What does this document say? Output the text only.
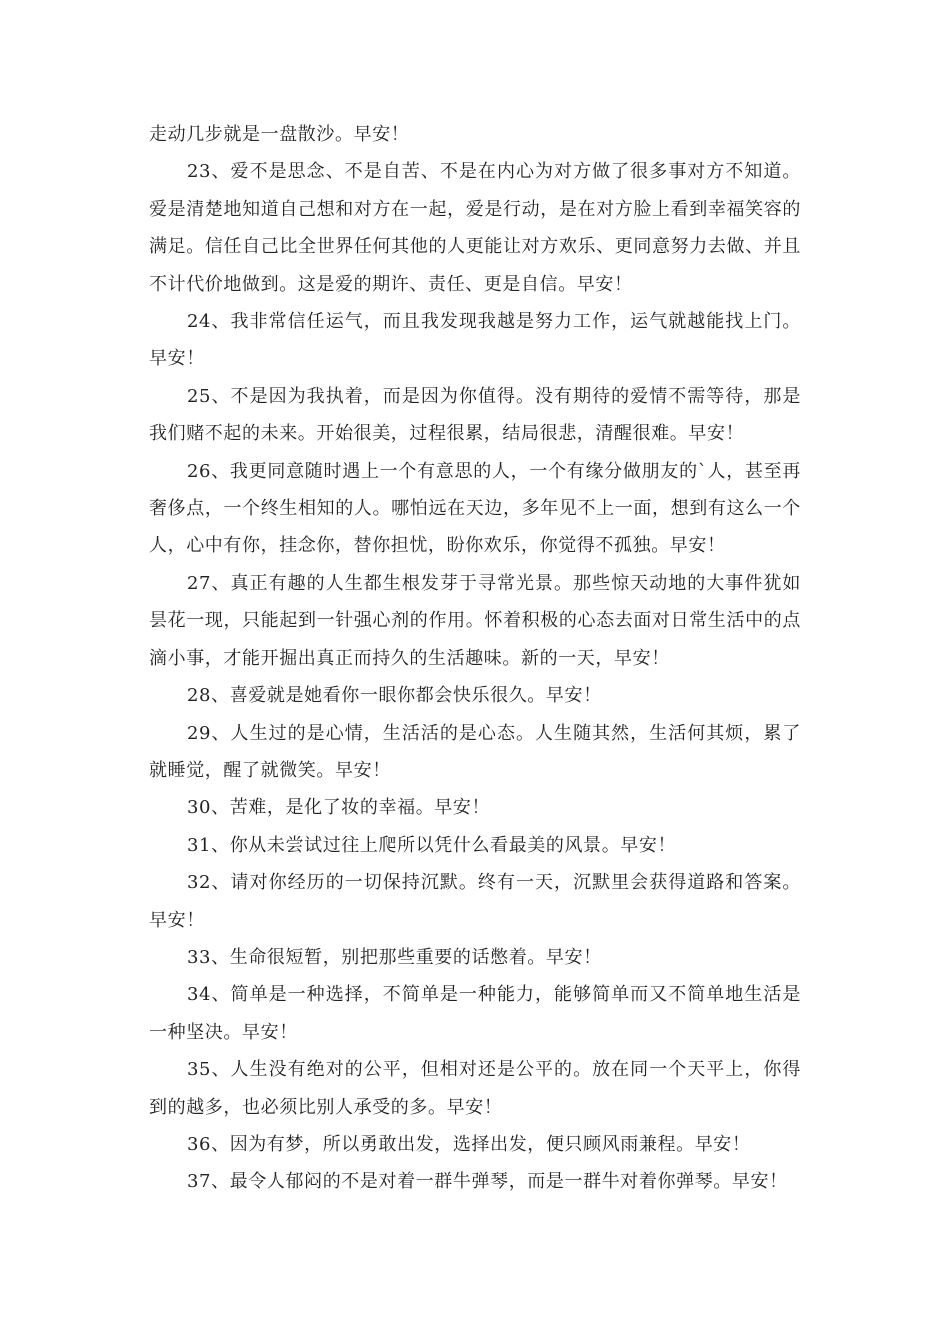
走动几步就是一盘散沙。早安！

23、爱不是思念、不是自苦、不是在内心为对方做了很多事对方不知道。爱是清楚地知道自己想和对方在一起，爱是行动，是在对方脸上看到幸福笑容的满足。信任自己比全世界任何其他的人更能让对方欢乐、更同意努力去做、并且不计代价地做到。这是爱的期许、责任、更是自信。早安！

24、我非常信任运气，而且我发现我越是努力工作，运气就越能找上门。早安！

25、不是因为我执着，而是因为你值得。没有期待的爱情不需等待，那是我们赌不起的未来。开始很美，过程很累，结局很悲，清醒很难。早安！

26、我更同意随时遇上一个有意思的人，一个有缘分做朋友的`人，甚至再奢侈点，一个终生相知的人。哪怕远在天边，多年见不上一面，想到有这么一个人，心中有你，挂念你，替你担忧，盼你欢乐，你觉得不孤独。早安！

27、真正有趣的人生都生根发芽于寻常光景。那些惊天动地的大事件犹如昙花一现，只能起到一针强心剂的作用。怀着积极的心态去面对日常生活中的点滴小事，才能开掘出真正而持久的生活趣味。新的一天，早安！

28、喜爱就是她看你一眼你都会快乐很久。早安！

29、人生过的是心情，生活活的是心态。人生随其然，生活何其烦，累了就睡觉，醒了就微笑。早安！

30、苦难，是化了妆的幸福。早安！

31、你从未尝试过往上爬所以凭什么看最美的风景。早安！

32、请对你经历的一切保持沉默。终有一天，沉默里会获得道路和答案。早安！

33、生命很短暂，别把那些重要的话憋着。早安！

34、简单是一种选择，不简单是一种能力，能够简单而又不简单地生活是一种坚决。早安！

35、人生没有绝对的公平，但相对还是公平的。放在同一个天平上，你得到的越多，也必须比别人承受的多。早安！

36、因为有梦，所以勇敢出发，选择出发，便只顾风雨兼程。早安！

37、最令人郁闷的不是对着一群牛弹琴，而是一群牛对着你弹琴。早安！
